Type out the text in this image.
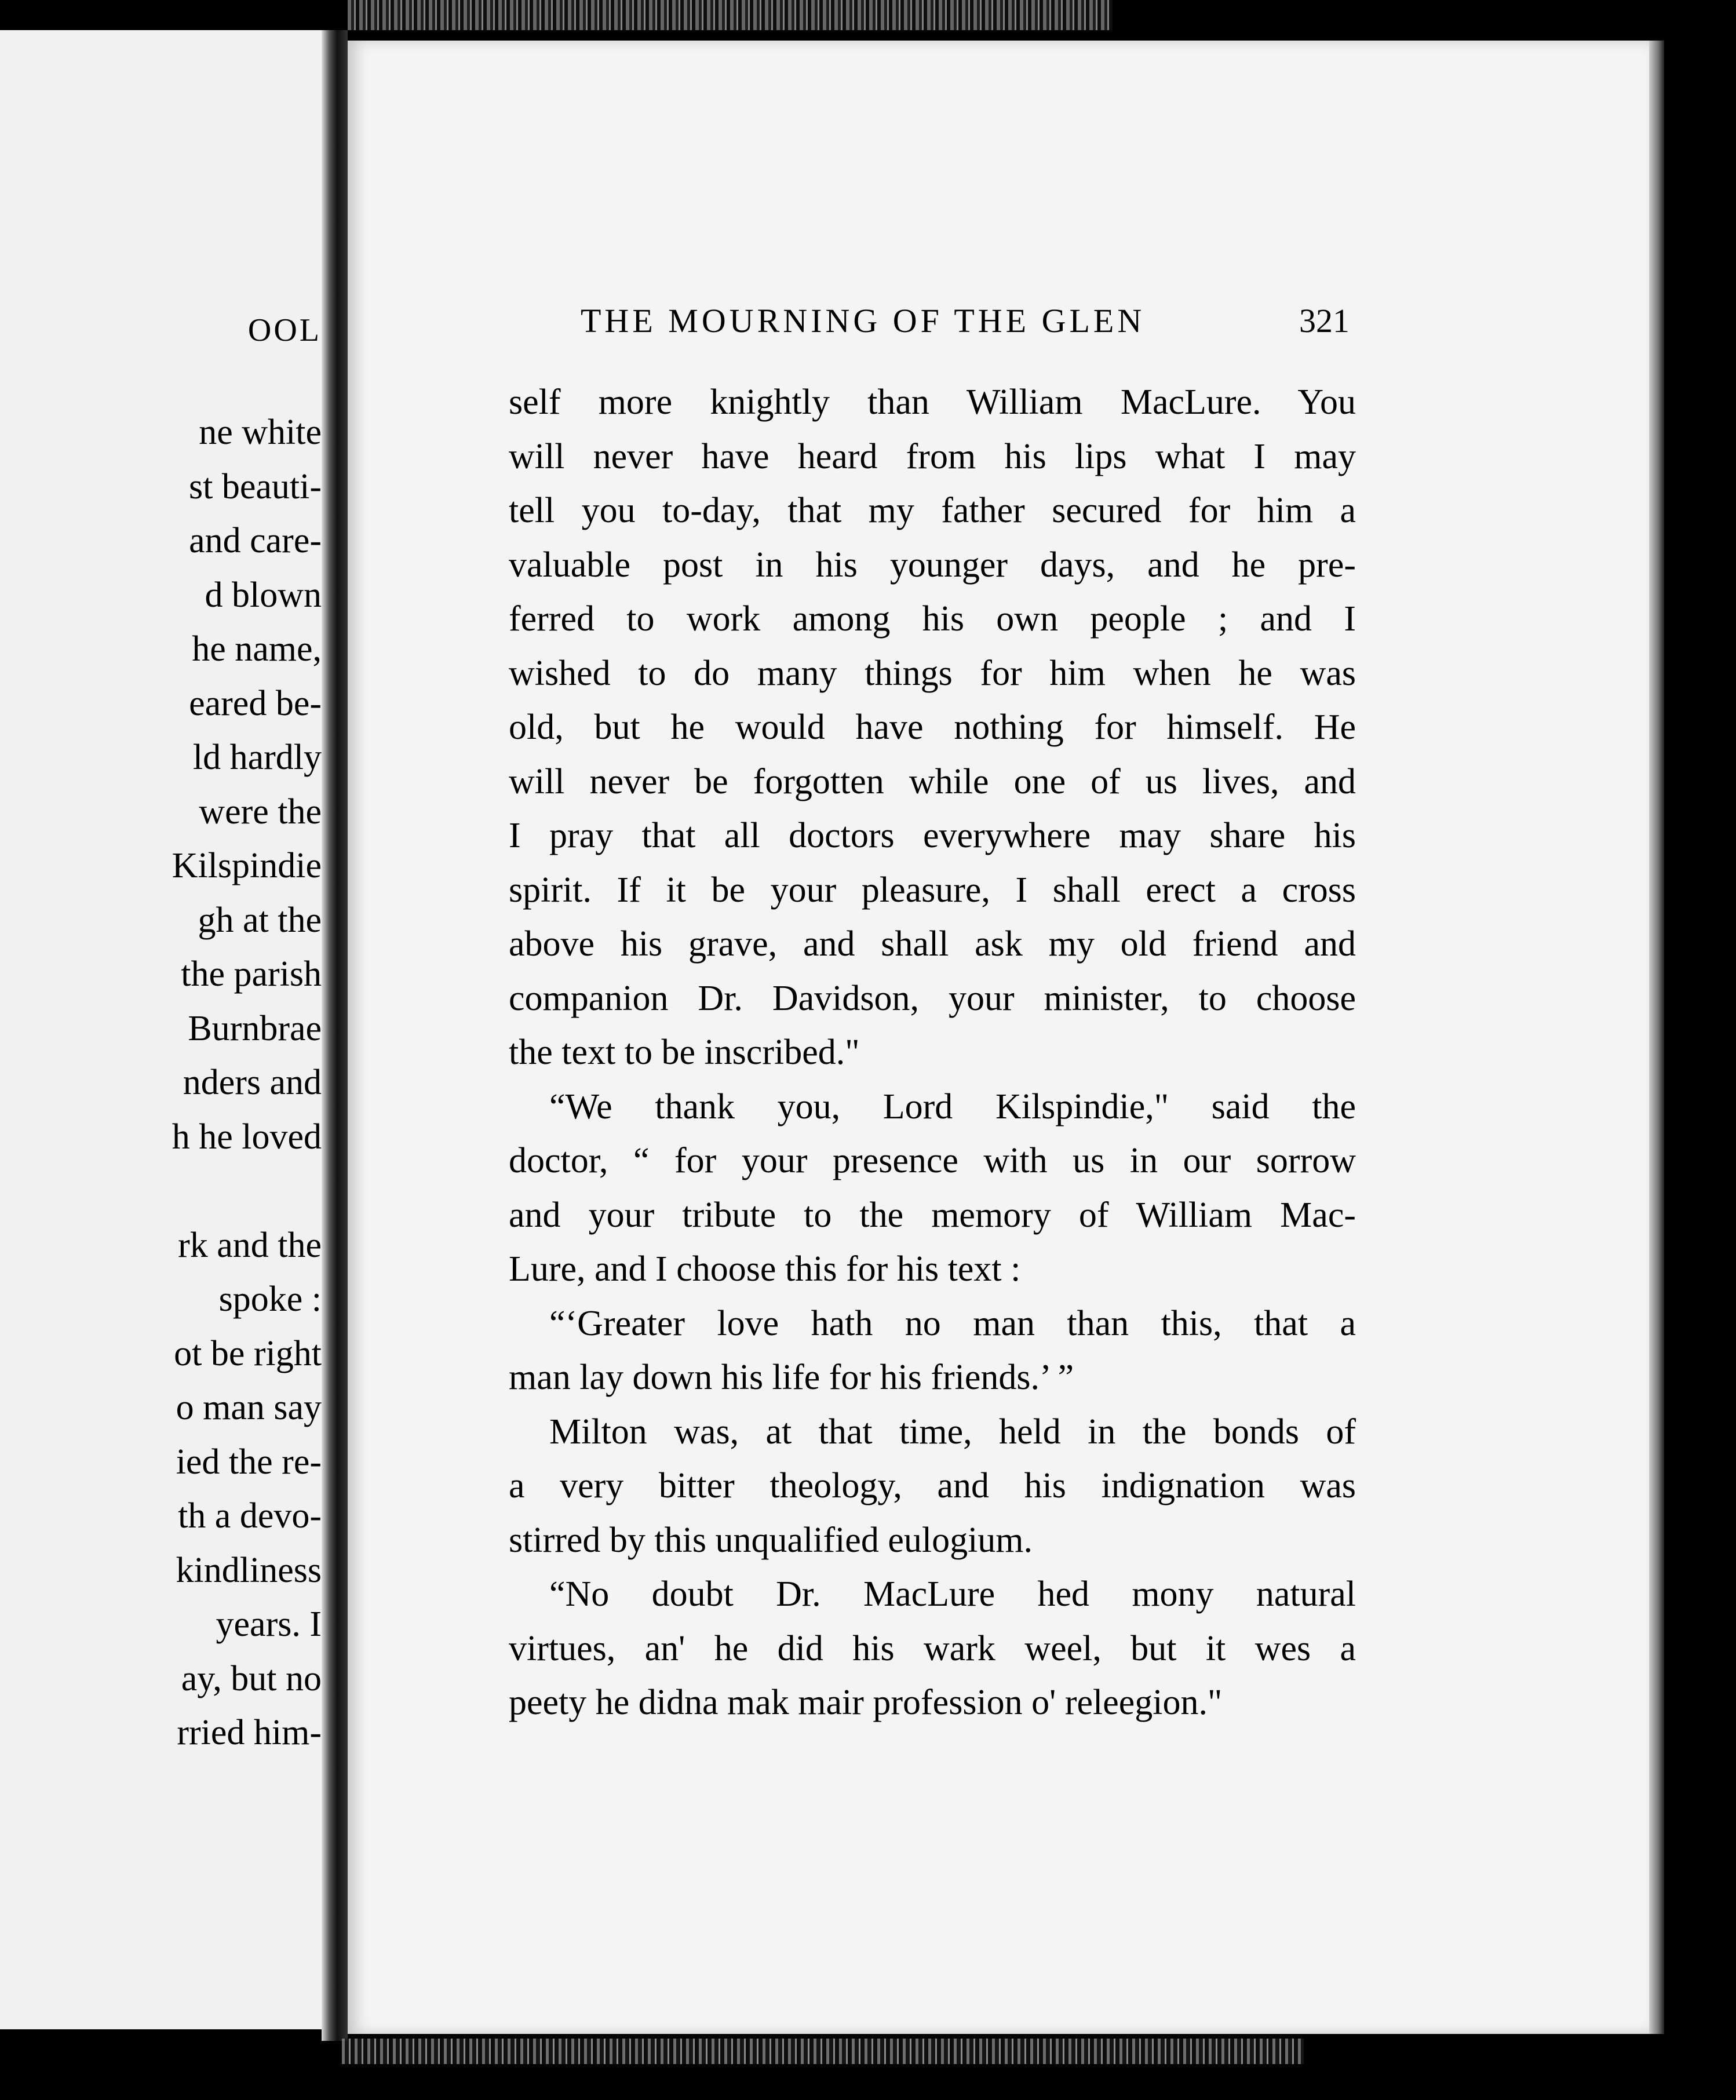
OOL
ne white
st beauti-
and care-
d blown
he name,
eared be-
ld hardly
were the
Kilspindie
gh at the
the parish
Burnbrae
nders and
h he loved
rk and the
spoke :
ot be right
o man say
ied the re-
th a devo-
kindliness
years. I
ay, but no
rried him-
THE MOURNING OF THE GLEN	321
self more knightly than William MacLure. You
will never have heard from his lips what I may
tell you to-day, that my father secured for him a
valuable post in his younger days, and he pre-
ferred to work among his own people ; and I
wished to do many things for him when he was
old, but he would have nothing for himself. He
will never be forgotten while one of us lives, and
I pray that all doctors everywhere may share his
spirit. If it be your pleasure, I shall erect a cross
above his grave, and shall ask my old friend and
companion Dr. Davidson, your minister, to choose
the text to be inscribed."
“We thank you, Lord Kilspindie," said the
doctor, “ for your presence with us in our sorrow
and your tribute to the memory of William Mac-
Lure, and I choose this for his text :
“‘Greater love hath no man than this, that a
man lay down his life for his friends.’ ”
Milton was, at that time, held in the bonds of
a very bitter theology, and his indignation was
stirred by this unqualified eulogium.
“No doubt Dr. MacLure hed mony natural
virtues, an' he did his wark weel, but it wes a
peety he didna mak mair profession o' releegion."
